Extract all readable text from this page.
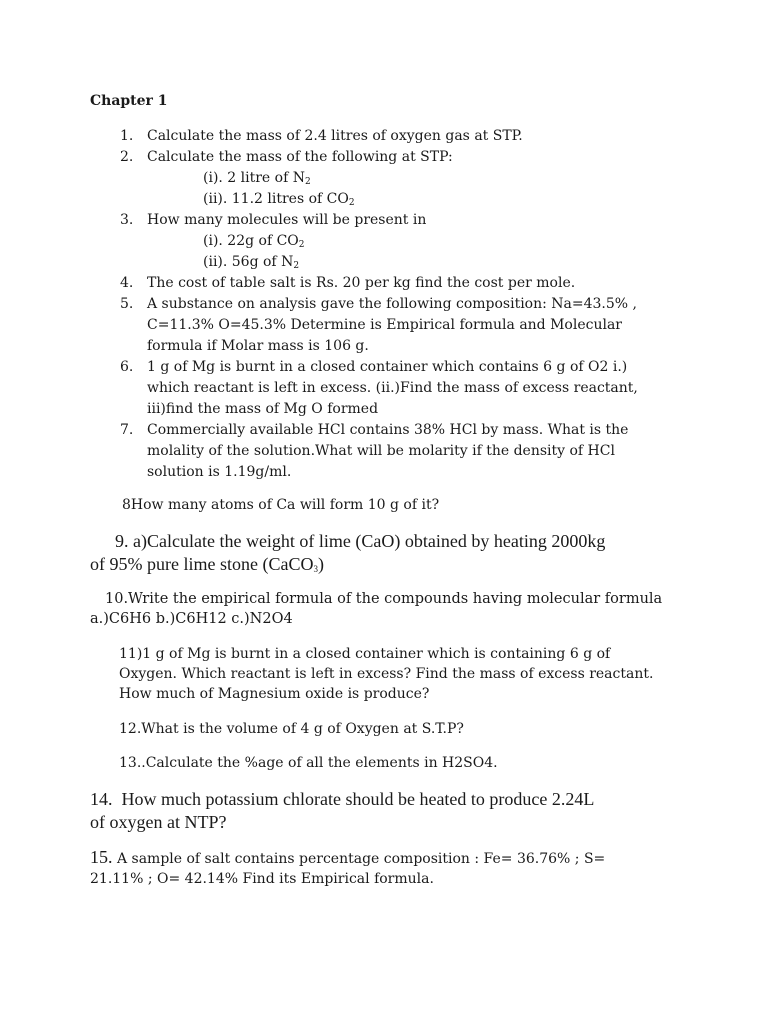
Chapter 1
1. Calculate the mass of 2.4 litres of oxygen gas at STP.
2. Calculate the mass of the following at STP:
(i). 2 litre of $N_2$
(ii). 11.2 litres of $CO_2$
3. How many molecules will be present in
(i). 22g of $CO_2$
(ii). 56g of $N_2$
4. The cost of table salt is Rs. 20 per kg find the cost per mole.
5. A substance on analysis gave the following composition: Na=43.5% ,
C=11.3% O=45.3% Determine is Empirical formula and Molecular
formula if Molar mass is 106 g.
6. 1 g of Mg is burnt in a closed container which contains 6 g of O2 i.)
which reactant is left in excess. (ii.)Find the mass of excess reactant,
iii)find the mass of Mg O formed
7. Commercially available HCl contains 38% HCl by mass. What is the
molality of the solution.What will be molarity if the density of HCl
solution is 1.19g/ml.
8How many atoms of Ca will form 10 g of it?
9. a)Calculate the weight of lime (CaO) obtained by heating 2000kg
of 95% pure lime stone (CaCO$_3$)
10.Write the empirical formula of the compounds having molecular formula
a.)C6H6 b.)C6H12 c.)N2O4
11)1 g of Mg is burnt in a closed container which is containing 6 g of
Oxygen. Which reactant is left in excess? Find the mass of excess reactant.
How much of Magnesium oxide is produce?
12.What is the volume of 4 g of Oxygen at S.T.P?
13..Calculate the %age of all the elements in H2SO4.
14. How much potassium chlorate should be heated to produce 2.24L
of oxygen at NTP?
15. A sample of salt contains percentage composition : Fe= 36.76% ; S=
21.11% ; O= 42.14% Find its Empirical formula.
